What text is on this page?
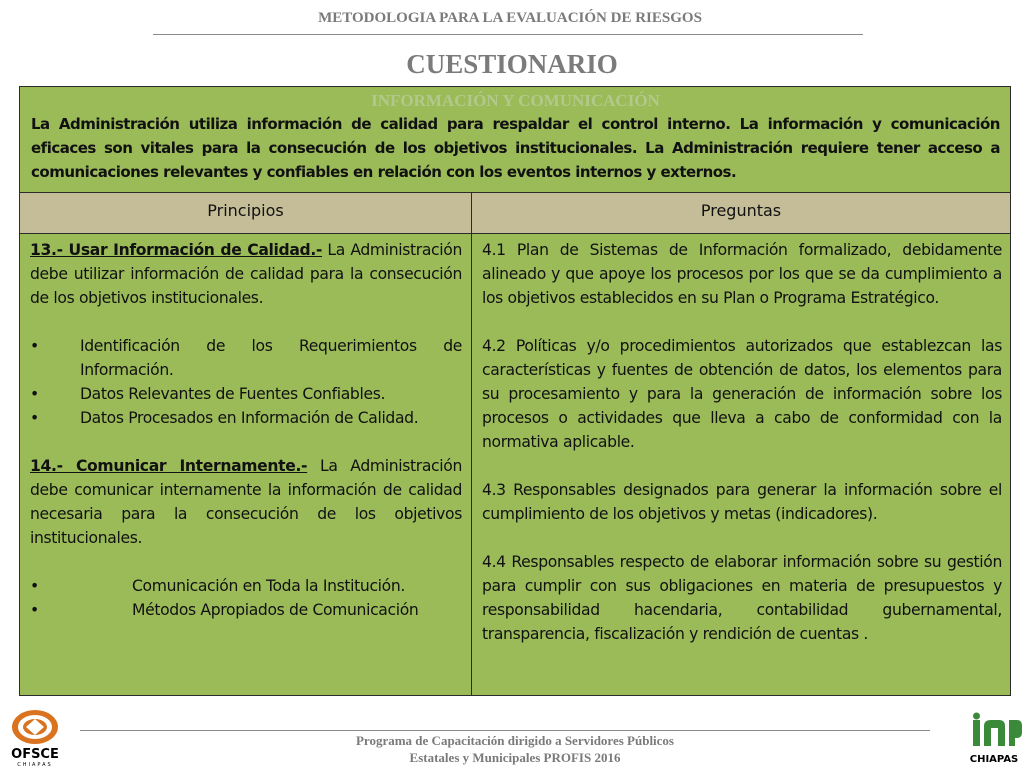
METODOLOGIA PARA LA EVALUACIÓN DE RIESGOS
CUESTIONARIO
INFORMACIÓN Y COMUNICACIÓN
La Administración utiliza información de calidad para respaldar el control interno. La información y comunicación eficaces son vitales para la consecución de los objetivos institucionales. La Administración requiere tener acceso a comunicaciones relevantes y confiables en relación con los eventos internos y externos.
Principios	Preguntas
13.- Usar Información de Calidad.- La Administración debe utilizar información de calidad para la consecución de los objetivos institucionales.
•	Identificación de los Requerimientos de Información.
•	Datos Relevantes de Fuentes Confiables.
•	Datos Procesados en Información de Calidad.
14.- Comunicar Internamente.- La Administración debe comunicar internamente la información de calidad necesaria para la consecución de los objetivos institucionales.
•	Comunicación en Toda la Institución.
•	Métodos Apropiados de Comunicación
4.1 Plan de Sistemas de Información formalizado, debidamente alineado y que apoye los procesos por los que se da cumplimiento a los objetivos establecidos en su Plan o Programa Estratégico.
4.2 Políticas y/o procedimientos autorizados que establezcan las características y fuentes de obtención de datos, los elementos para su procesamiento y para la generación de información sobre los procesos o actividades que lleva a cabo de conformidad con la normativa aplicable.
4.3 Responsables designados para generar la información sobre el cumplimiento de los objetivos y metas (indicadores).
4.4 Responsables respecto de elaborar información sobre su gestión para cumplir con sus obligaciones en materia de presupuestos y responsabilidad hacendaria, contabilidad gubernamental, transparencia, fiscalización y rendición de cuentas .
OFSCE
CHIAPAS
Programa de Capacitación dirigido a Servidores Públicos
Estatales y Municipales PROFIS 2016	CHIAPAS
